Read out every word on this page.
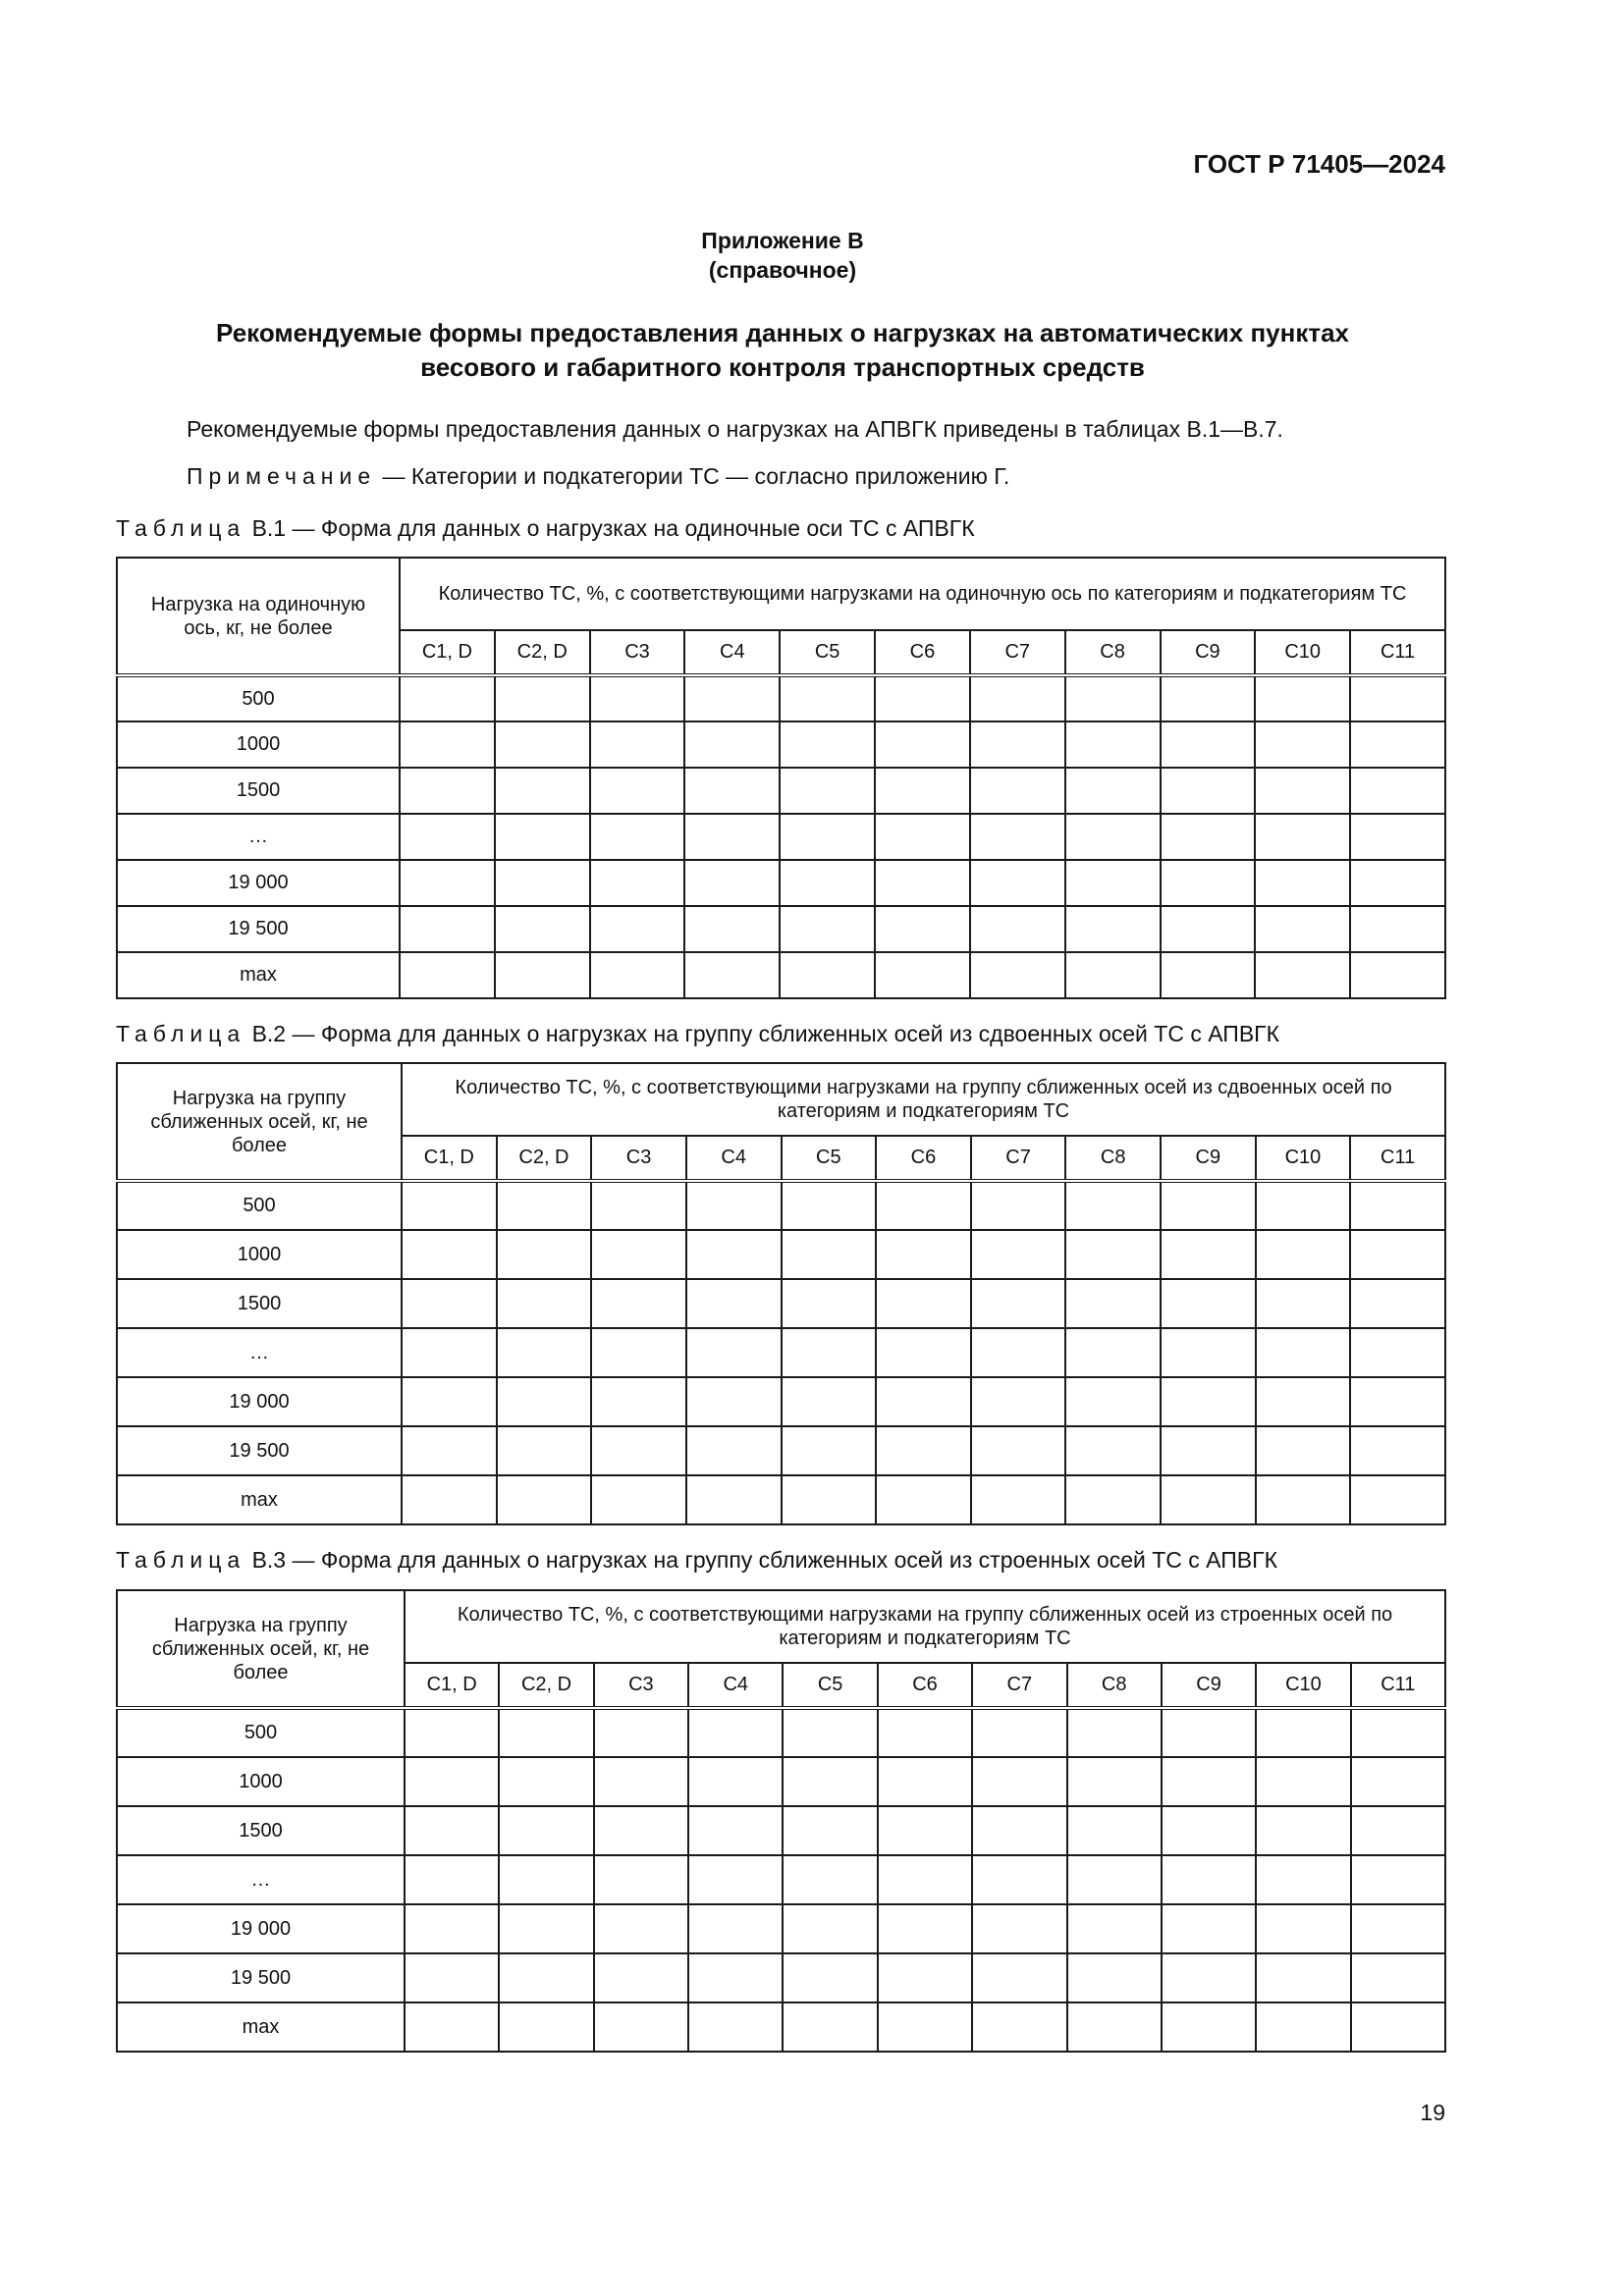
ГОСТ Р 71405—2024
Приложение В
(справочное)
Рекомендуемые формы предоставления данных о нагрузках на автоматических пунктах
весового и габаритного контроля транспортных средств
Рекомендуемые формы предоставления данных о нагрузках на АПВГК приведены в таблицах В.1—В.7.
Примечание — Категории и подкатегории ТС — согласно приложению Г.
Таблица В.1 — Форма для данных о нагрузках на одиночные оси ТС с АПВГК
Нагрузка на одиночную ось, кг, не более	Количество ТС, %, с соответствующими нагрузками на одиночную ось по категориям и подкатегориям ТС										
	С1, D	С2, D	С3	С4	С5	С6	С7	С8	С9	С10	С11
500											
1000											
1500											
…											
19 000											
19 500											
max											
Таблица В.2 — Форма для данных о нагрузках на группу сближенных осей из сдвоенных осей ТС с АПВГК
Нагрузка на группу сближенных осей, кг, не более	Количество ТС, %, с соответствующими нагрузками на группу сближенных осей из сдвоенных осей по категориям и подкатегориям ТС										
	С1, D	С2, D	С3	С4	С5	С6	С7	С8	С9	С10	С11
500											
1000											
1500											
…											
19 000											
19 500											
max											
Таблица В.3 — Форма для данных о нагрузках на группу сближенных осей из строенных осей ТС с АПВГК
Нагрузка на группу сближенных осей, кг, не более	Количество ТС, %, с соответствующими нагрузками на группу сближенных осей из строенных осей по категориям и подкатегориям ТС										
	С1, D	С2, D	С3	С4	С5	С6	С7	С8	С9	С10	С11
500											
1000											
1500											
…											
19 000											
19 500											
max											
19
